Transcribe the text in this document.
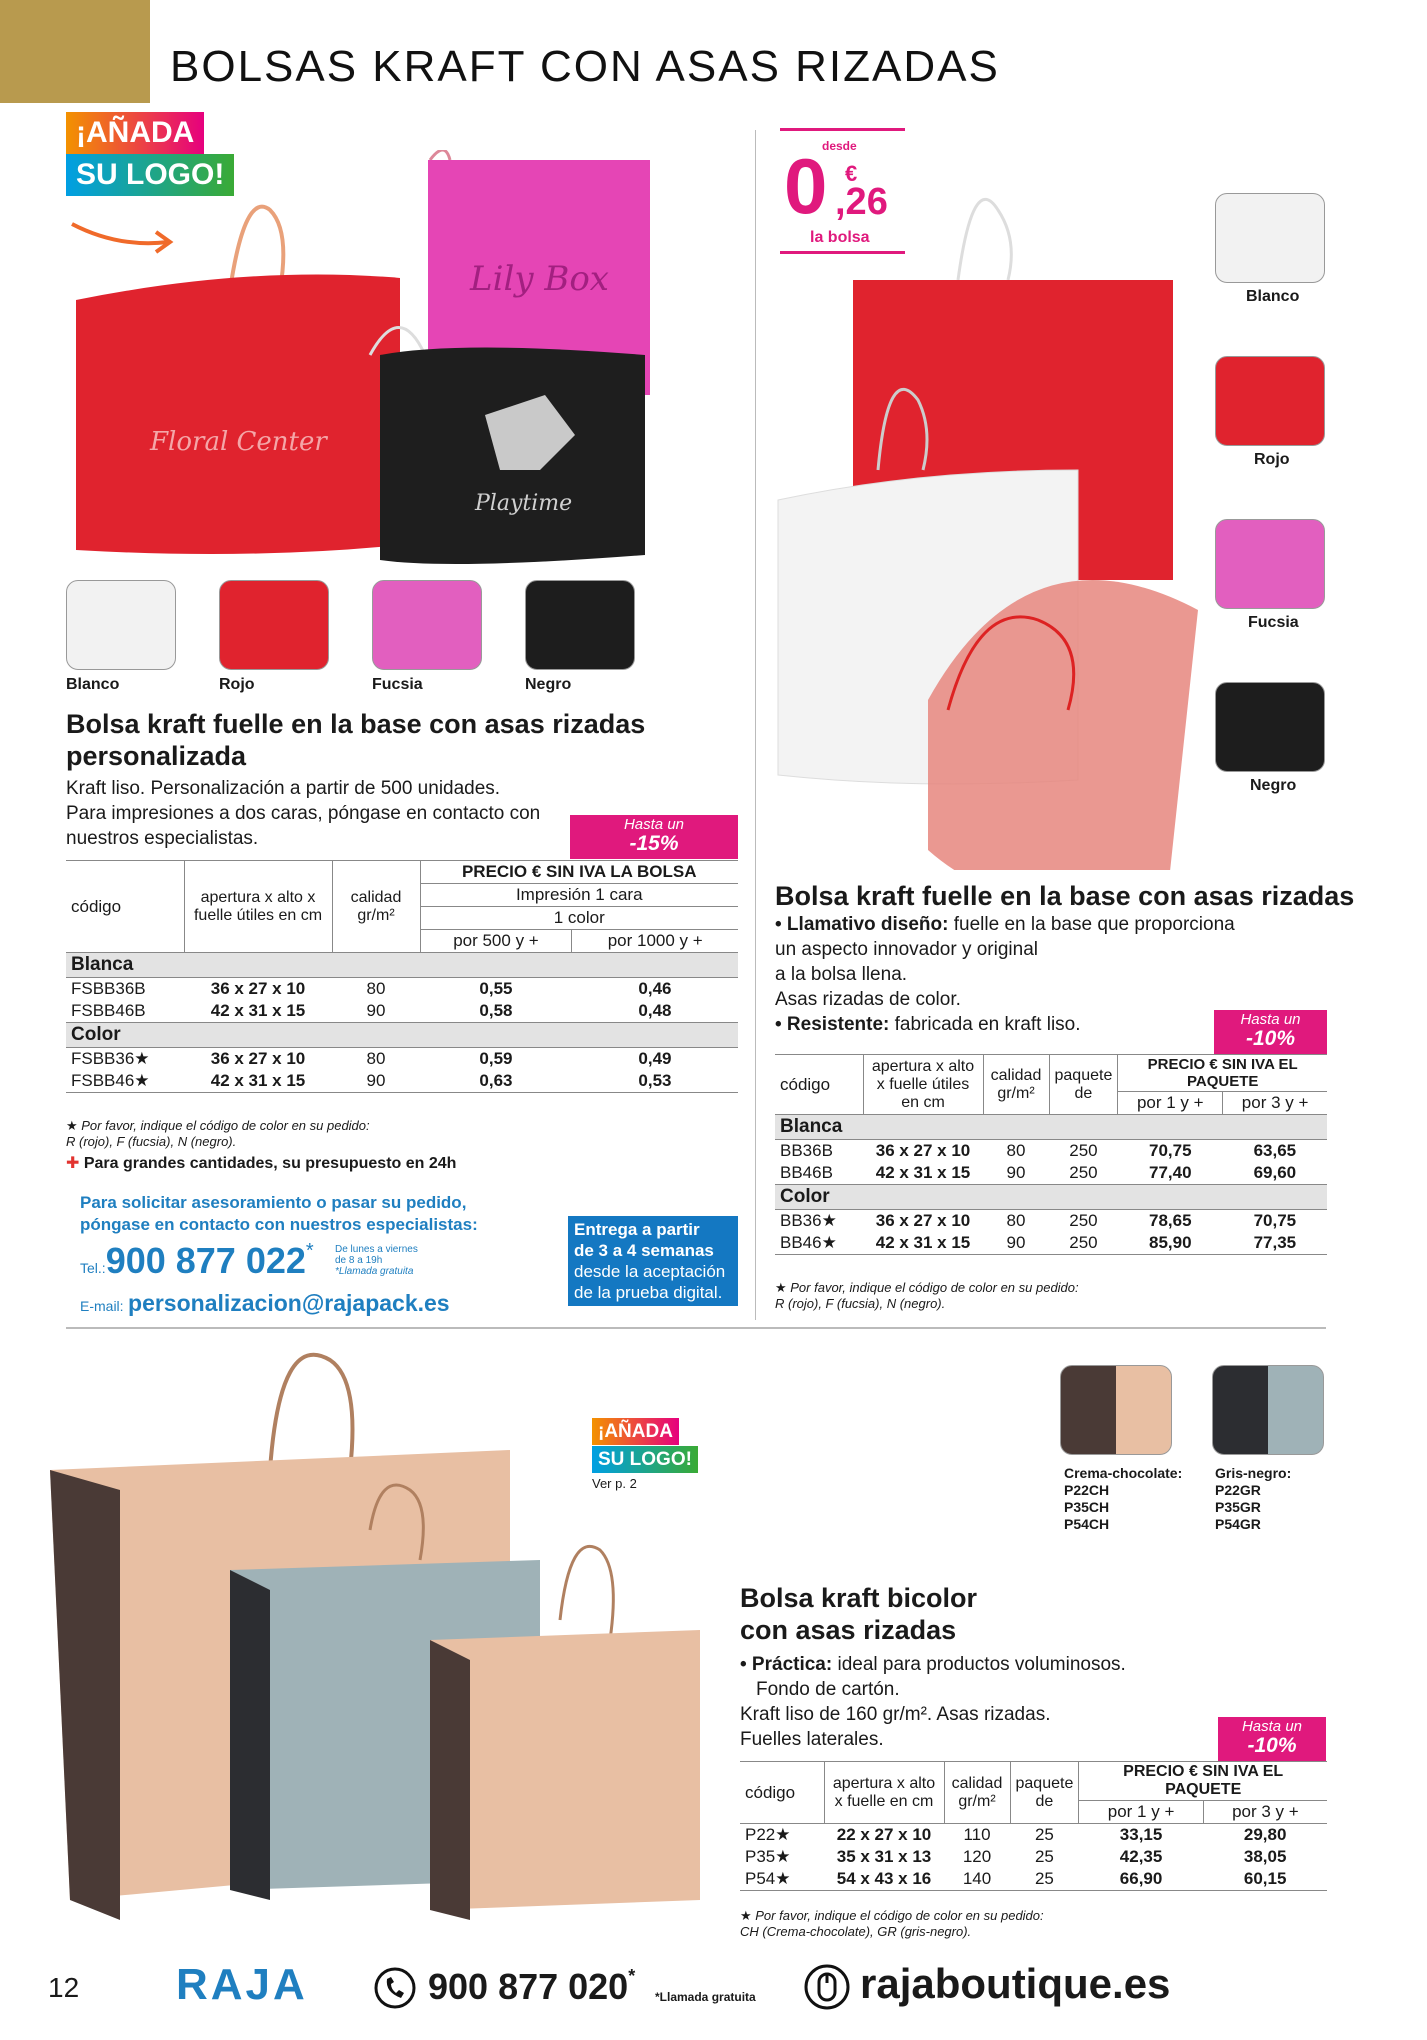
BOLSAS KRAFT CON ASAS RIZADAS
¡AÑADA
SU LOGO!
Lily Box
Floral Center
Playtime
Blanco	Rojo	Fucsia	Negro
Bolsa kraft fuelle en la base con asas rizadas
personalizada
Kraft liso. Personalización a partir de 500 unidades.
Para impresiones a dos caras, póngase en contacto con
nuestros especialistas.
Hasta un
-15%
código	apertura x alto x fuelle útiles en cm	calidad gr/m²	PRECIO € SIN IVA LA BOLSA	
			Impresión 1 cara	
			1 color	
			por 500 y +	por 1000 y +
Blanca				
FSBB36B	36 x 27 x 10	80	0,55	0,46
FSBB46B	42 x 31 x 15	90	0,58	0,48
Color				
FSBB36★	36 x 27 x 10	80	0,59	0,49
FSBB46★	42 x 31 x 15	90	0,63	0,53
★ Por favor, indique el código de color en su pedido:
R (rojo), F (fucsia), N (negro).
✚ Para grandes cantidades, su presupuesto en 24h
Para solicitar asesoramiento o pasar su pedido,
póngase en contacto con nuestros especialistas:
Tel.:900 877 022* De lunes a viernes
de 8 a 19h
*Llamada gratuita
E-mail: personalizacion@rajapack.es
Entrega a partir
de 3 a 4 semanas
desde la aceptación
de la prueba digital.
desde
0 €
,26
la bolsa
Blanco
Rojo
Fucsia
Negro
Bolsa kraft fuelle en la base con asas rizadas
• Llamativo diseño: fuelle en la base que proporciona
un aspecto innovador y original
a la bolsa llena.
Asas rizadas de color.
• Resistente: fabricada en kraft liso.	Hasta un
-10%
código	apertura x alto x fuelle útiles en cm	calidad gr/m²	paquete de	PRECIO € SIN IVA EL PAQUETE	
				por 1 y +	por 3 y +
Blanca					
BB36B	36 x 27 x 10	80	250	70,75	63,65
BB46B	42 x 31 x 15	90	250	77,40	69,60
Color					
BB36★	36 x 27 x 10	80	250	78,65	70,75
BB46★	42 x 31 x 15	90	250	85,90	77,35
★ Por favor, indique el código de color en su pedido:
R (rojo), F (fucsia), N (negro).
¡AÑADA
SU LOGO!
Ver p. 2
Crema-chocolate:
P22CH
P35CH
P54CH
Gris-negro:
P22GR
P35GR
P54GR
Bolsa kraft bicolor
con asas rizadas
• Práctica: ideal para productos voluminosos.
Fondo de cartón.
Kraft liso de 160 gr/m². Asas rizadas.
Fuelles laterales.
Hasta un
-10%
código	apertura x alto x fuelle en cm	calidad gr/m²	paquete de	PRECIO € SIN IVA EL PAQUETE	
				por 1 y +	por 3 y +
P22★	22 x 27 x 10	110	25	33,15	29,80
P35★	35 x 31 x 13	120	25	42,35	38,05
P54★	54 x 43 x 16	140	25	66,90	60,15
★ Por favor, indique el código de color en su pedido:
CH (Crema-chocolate), GR (gris-negro).
12 RAJA	900 877 020*
*Llamada gratuita rajaboutique.es
